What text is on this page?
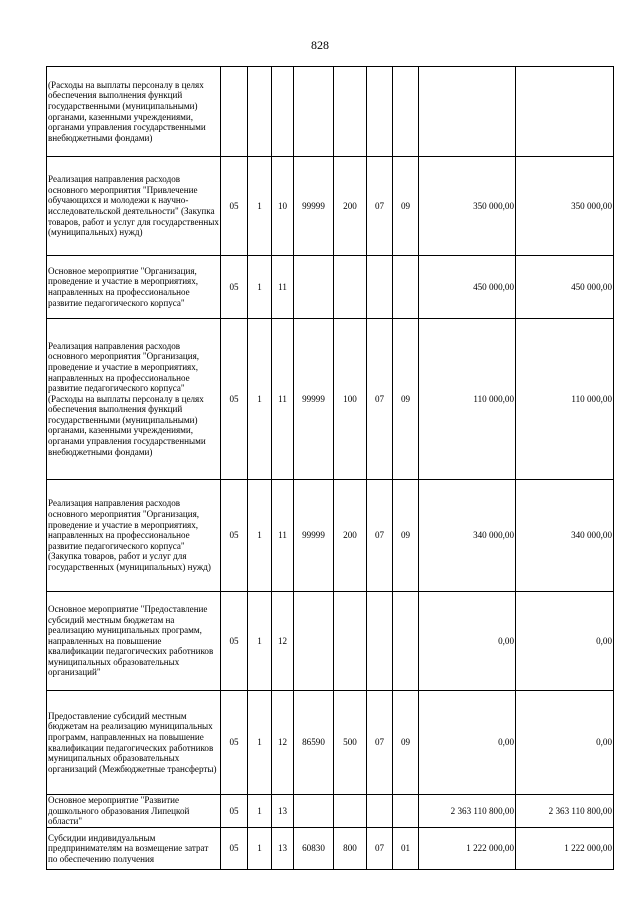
828
(Расходы на выплаты персоналу в целях обеспечения выполнения функций государственными (муниципальными) органами, казенными учреждениями, органами управления государственными внебюджетными фондами)									
Реализация направления расходов основного мероприятия "Привлечение обучающихся и молодежи к научно-исследовательской деятельности" (Закупка товаров, работ и услуг для государственных (муниципальных) нужд)	05	1	10	99999	200	07	09	350 000,00	350 000,00
Основное мероприятие "Организация, проведение и участие в мероприятиях, направленных на профессиональное развитие педагогического корпуса"	05	1	11					450 000,00	450 000,00
Реализация направления расходов основного мероприятия "Организация, проведение и участие в мероприятиях, направленных на профессиональное развитие педагогического корпуса" (Расходы на выплаты персоналу в целях обеспечения выполнения функций государственными (муниципальными) органами, казенными учреждениями, органами управления государственными внебюджетными фондами)	05	1	11	99999	100	07	09	110 000,00	110 000,00
Реализация направления расходов основного мероприятия "Организация, проведение и участие в мероприятиях, направленных на профессиональное развитие педагогического корпуса" (Закупка товаров, работ и услуг для государственных (муниципальных) нужд)	05	1	11	99999	200	07	09	340 000,00	340 000,00
Основное мероприятие "Предоставление субсидий местным бюджетам на реализацию муниципальных программ, направленных на повышение квалификации педагогических работников муниципальных образовательных организаций"	05	1	12					0,00	0,00
Предоставление субсидий местным бюджетам на реализацию муниципальных программ, направленных на повышение квалификации педагогических работников муниципальных образовательных организаций (Межбюджетные трансферты)	05	1	12	86590	500	07	09	0,00	0,00
Основное мероприятие "Развитие дошкольного образования Липецкой области"	05	1	13					2 363 110 800,00	2 363 110 800,00
Субсидии индивидуальным предпринимателям на возмещение затрат по обеспечению получения	05	1	13	60830	800	07	01	1 222 000,00	1 222 000,00
